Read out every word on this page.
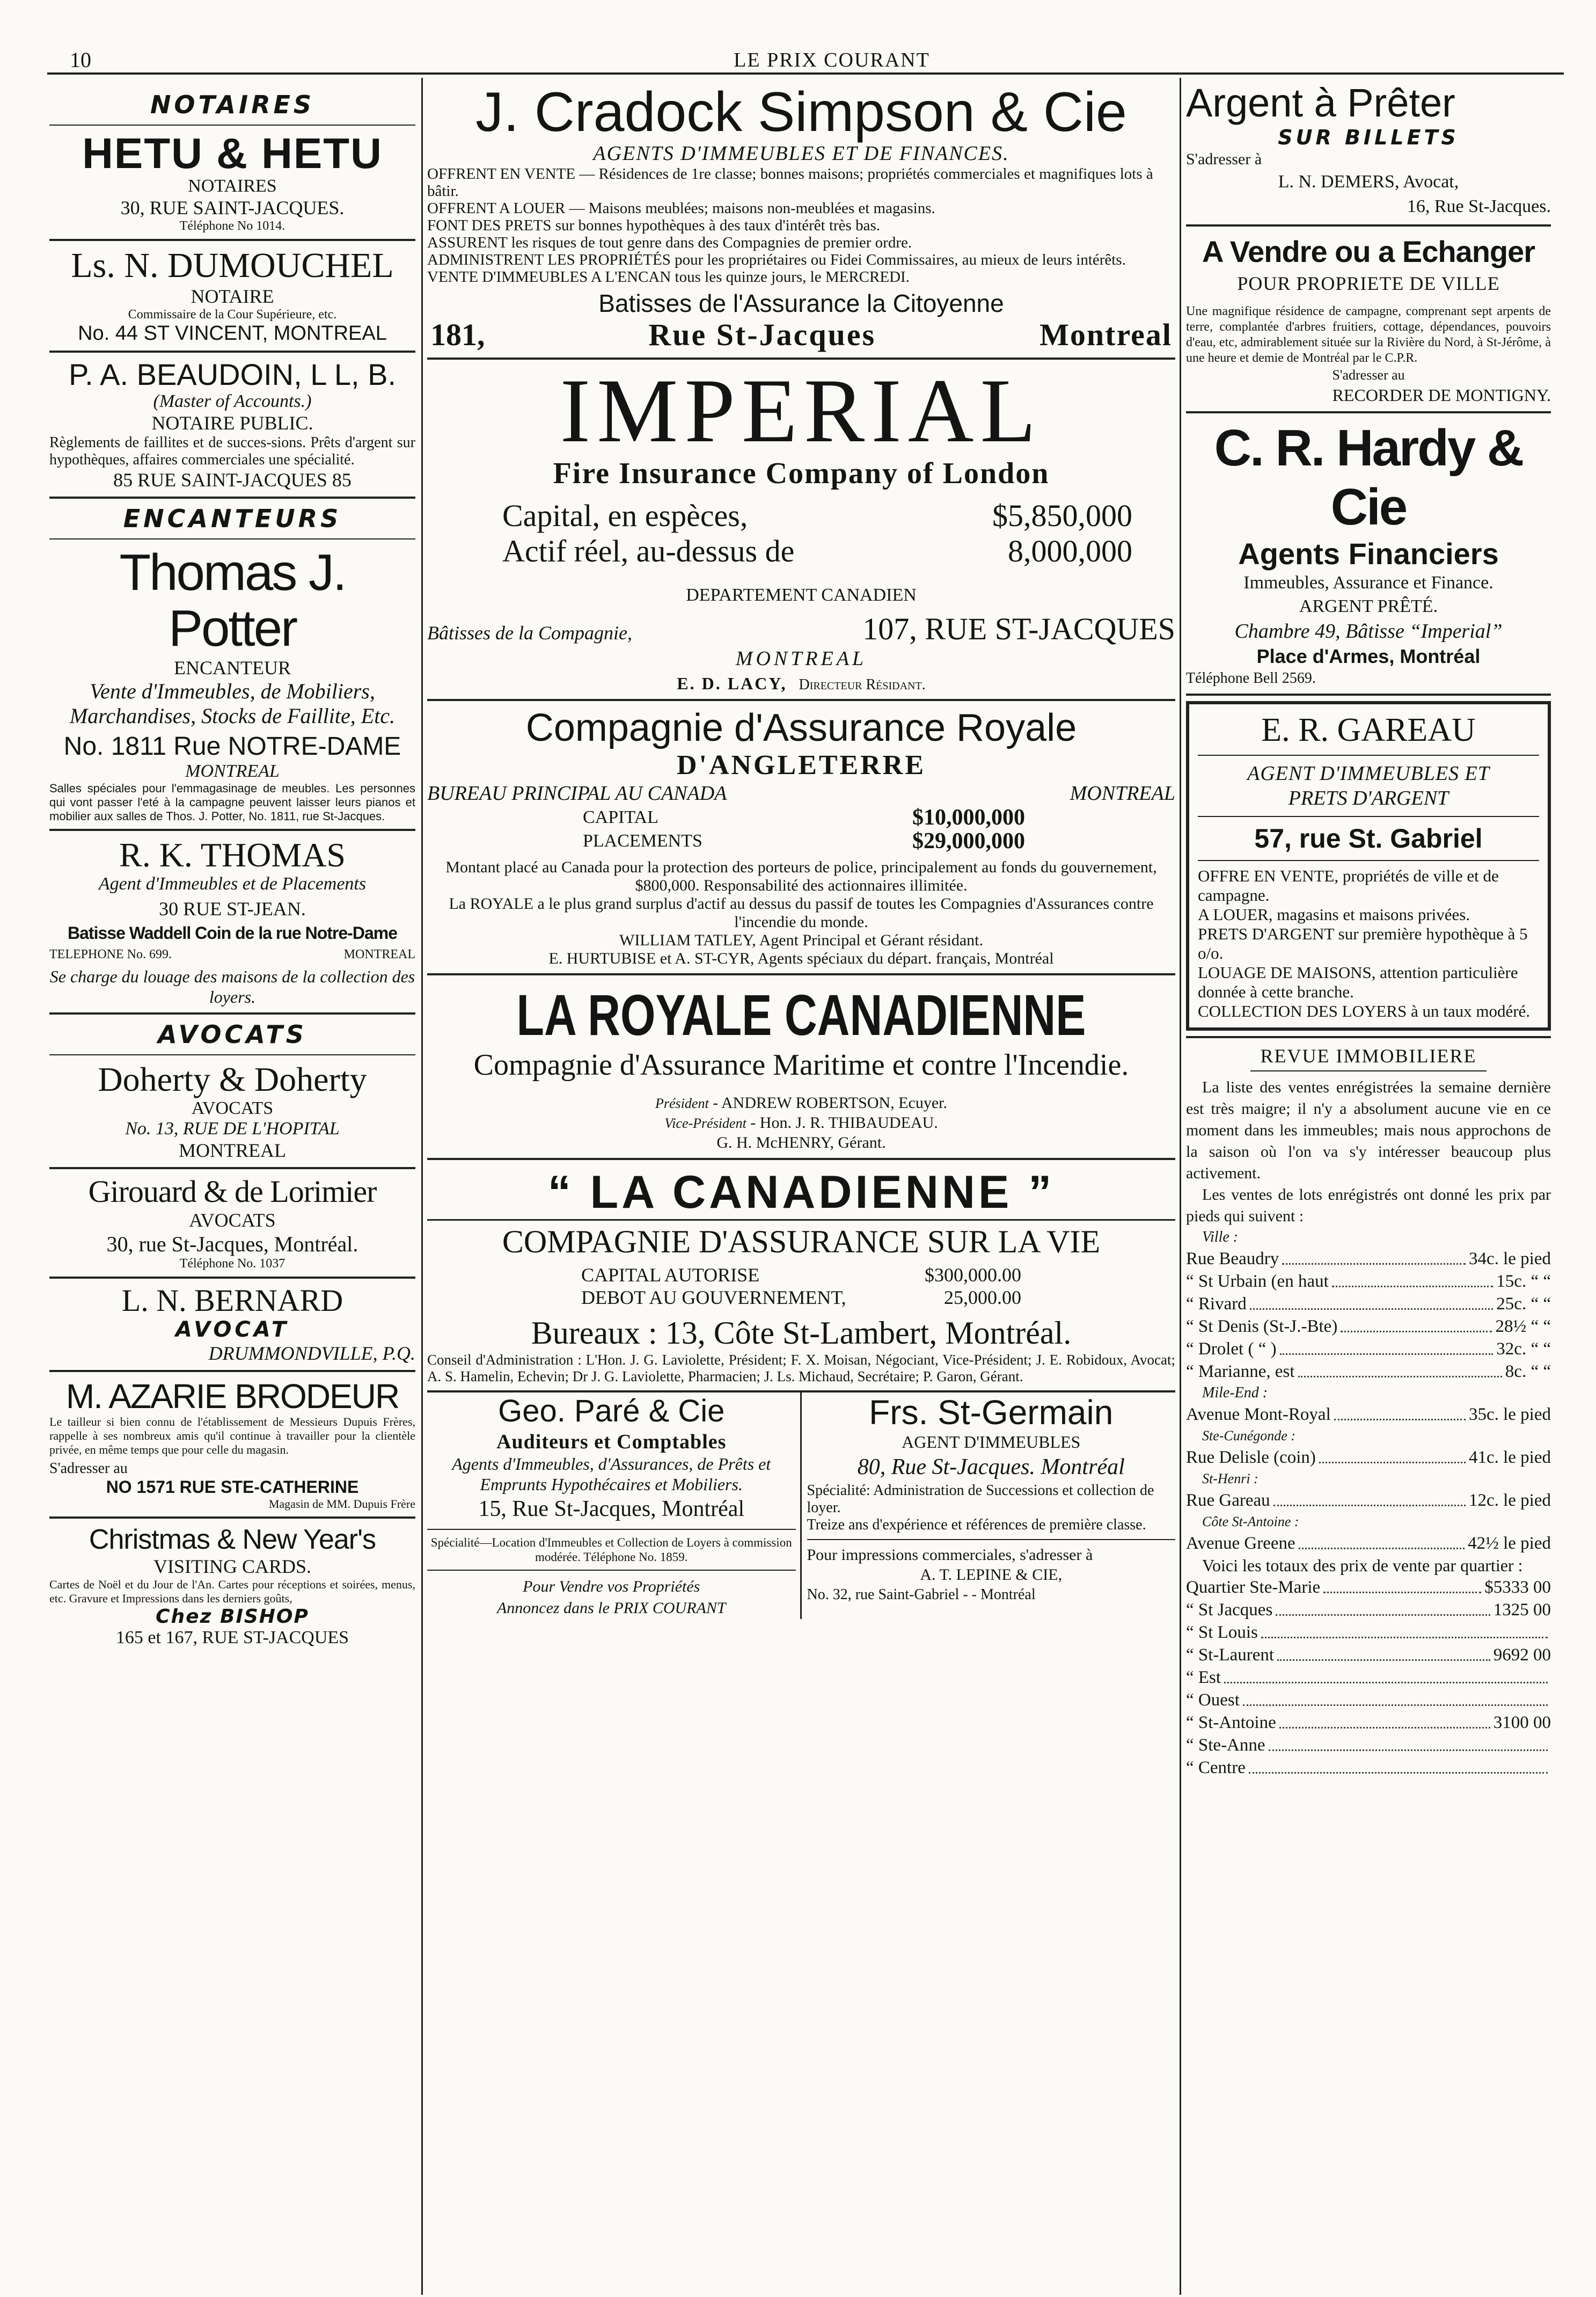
10	LE PRIX COURANT
NOTAIRES
HETU & HETU
NOTAIRES
30, RUE SAINT-JACQUES.
Téléphone No 1014.
Ls. N. DUMOUCHEL
NOTAIRE
Commissaire de la Cour Supérieure, etc.
No. 44 ST VINCENT, MONTREAL
P. A. BEAUDOIN, L L, B.
(Master of Accounts.)
NOTAIRE PUBLIC.
Règlements de faillites et de succes-sions. Prêts d'argent sur hypothèques, affaires commerciales une spécialité.
85 RUE SAINT-JACQUES 85
ENCANTEURS
Thomas J. Potter
ENCANTEUR
Vente d'Immeubles, de Mobiliers, Marchandises, Stocks de Faillite, Etc.
No. 1811 Rue NOTRE-DAME
MONTREAL
Salles spéciales pour l'emmagasinage de meubles. Les personnes qui vont passer l'eté à la campagne peuvent laisser leurs pianos et mobilier aux salles de Thos. J. Potter, No. 1811, rue St-Jacques.
R. K. THOMAS
Agent d'Immeubles et de Placements
30 RUE ST-JEAN.
Batisse Waddell Coin de la rue Notre-Dame
TELEPHONE No. 699.	MONTREAL
Se charge du louage des maisons de la collection des loyers.
AVOCATS
Doherty & Doherty
AVOCATS
No. 13, RUE DE L'HOPITAL
MONTREAL
Girouard & de Lorimier
AVOCATS
30, rue St-Jacques, Montréal.
Téléphone No. 1037
L. N. BERNARD
AVOCAT
DRUMMONDVILLE, P.Q.
M. AZARIE BRODEUR
Le tailleur si bien connu de l'établissement de Messieurs Dupuis Frères, rappelle à ses nombreux amis qu'il continue à travailler pour la clientèle privée, en même temps que pour celle du magasin.
S'adresser au
NO 1571 RUE STE-CATHERINE
Magasin de MM. Dupuis Frère
Christmas & New Year's
VISITING CARDS.
Cartes de Noël et du Jour de l'An. Cartes pour réceptions et soirées, menus, etc. Gravure et Impressions dans les derniers goûts,
Chez BISHOP
165 et 167, RUE ST-JACQUES
J. Cradock Simpson & Cie
AGENTS D'IMMEUBLES ET DE FINANCES.
OFFRENT EN VENTE — Résidences de 1re classe; bonnes maisons; propriétés commerciales et magnifiques lots à bâtir.
OFFRENT A LOUER — Maisons meublées; maisons non-meublées et magasins.
FONT DES PRETS sur bonnes hypothèques à des taux d'intérêt très bas.
ASSURENT les risques de tout genre dans des Compagnies de premier ordre.
ADMINISTRENT LES PROPRIÉTÉS pour les propriétaires ou Fidei Commissaires, au mieux de leurs intérêts.
VENTE D'IMMEUBLES A L'ENCAN tous les quinze jours, le MERCREDI.
Batisses de l'Assurance la Citoyenne
181,	Rue St-Jacques	Montreal
IMPERIAL
Fire Insurance Company of London
Capital, en espèces,	$5,850,000
Actif réel, au-dessus de	8,000,000
DEPARTEMENT CANADIEN
Bâtisses de la Compagnie,	107, RUE ST-JACQUES
MONTREAL
E. D. LACY, Directeur Résidant.
Compagnie d'Assurance Royale
D'ANGLETERRE
BUREAU PRINCIPAL AU CANADA	MONTREAL
CAPITAL	$10,000,000
PLACEMENTS	$29,000,000
Montant placé au Canada pour la protection des porteurs de police, principalement au fonds du gouvernement, $800,000. Responsabilité des actionnaires illimitée.
La ROYALE a le plus grand surplus d'actif au dessus du passif de toutes les Compagnies d'Assurances contre l'incendie du monde.
WILLIAM TATLEY, Agent Principal et Gérant résidant.
E. HURTUBISE et A. ST-CYR, Agents spéciaux du départ. français, Montréal
LA ROYALE CANADIENNE
Compagnie d'Assurance Maritime et contre l'Incendie.
Président - ANDREW ROBERTSON, Ecuyer.
Vice-Président - Hon. J. R. THIBAUDEAU.
G. H. McHENRY, Gérant.
“ LA CANADIENNE ”
COMPAGNIE D'ASSURANCE SUR LA VIE
CAPITAL AUTORISE	$300,000.00
DEBOT AU GOUVERNEMENT,	25,000.00
Bureaux : 13, Côte St-Lambert, Montréal.
Conseil d'Administration : L'Hon. J. G. Laviolette, Président; F. X. Moisan, Négociant, Vice-Président; J. E. Robidoux, Avocat; A. S. Hamelin, Echevin; Dr J. G. Laviolette, Pharmacien; J. Ls. Michaud, Secrétaire; P. Garon, Gérant.
Geo. Paré & Cie
Auditeurs et Comptables
Agents d'Immeubles, d'Assurances, de Prêts et Emprunts Hypothécaires et Mobiliers.
15, Rue St-Jacques, Montréal
Spécialité—Location d'Immeubles et Collection de Loyers à commission modérée. Téléphone No. 1859.
Pour Vendre vos Propriétés
Annoncez dans le PRIX COURANT
Frs. St-Germain
AGENT D'IMMEUBLES
80, Rue St-Jacques. Montréal
Spécialité: Administration de Successions et collection de loyer.
Treize ans d'expérience et références de première classe.
Pour impressions commerciales, s'adresser à
A. T. LEPINE & CIE,
No. 32, rue Saint-Gabriel - - Montréal
Argent à Prêter
SUR BILLETS
S'adresser à
L. N. DEMERS, Avocat,
16, Rue St-Jacques.
A Vendre ou a Echanger
POUR PROPRIETE DE VILLE
Une magnifique résidence de campagne, comprenant sept arpents de terre, complantée d'arbres fruitiers, cottage, dépendances, pouvoirs d'eau, etc, admirablement située sur la Rivière du Nord, à St-Jérôme, à une heure et demie de Montréal par le C.P.R.
S'adresser au
RECORDER DE MONTIGNY.
C. R. Hardy & Cie
Agents Financiers
Immeubles, Assurance et Finance.
ARGENT PRÊTÉ.
Chambre 49, Bâtisse “Imperial”
Place d'Armes, Montréal
Téléphone Bell 2569.
E. R. GAREAU
AGENT D'IMMEUBLES ET
PRETS D'ARGENT
57, rue St. Gabriel
OFFRE EN VENTE, propriétés de ville et de campagne.
A LOUER, magasins et maisons privées.
PRETS D'ARGENT sur première hypothèque à 5 o/o.
LOUAGE DE MAISONS, attention particulière donnée à cette branche.
COLLECTION DES LOYERS à un taux modéré.
REVUE IMMOBILIERE
La liste des ventes enrégistrées la semaine dernière est très maigre; il n'y a absolument aucune vie en ce moment dans les immeubles; mais nous approchons de la saison où l'on va s'y intéresser beaucoup plus activement.
Les ventes de lots enrégistrés ont donné les prix par pieds qui suivent :
Ville :
Rue Beaudry	34c. le pied
“ St Urbain (en haut	15c. “ “
“ Rivard	25c. “ “
“ St Denis (St-J.-Bte)	28½ “ “
“ Drolet ( “ )	32c. “ “
“ Marianne, est	8c. “ “
Mile-End :
Avenue Mont-Royal	35c. le pied
Ste-Cunégonde :
Rue Delisle (coin)	41c. le pied
St-Henri :
Rue Gareau	12c. le pied
Côte St-Antoine :
Avenue Greene	42½ le pied
Voici les totaux des prix de vente par quartier :
Quartier Ste-Marie	$5333 00
“ St Jacques	1325 00
“ St Louis
“ St-Laurent	9692 00
“ Est
“ Ouest
“ St-Antoine	3100 00
“ Ste-Anne
“ Centre
